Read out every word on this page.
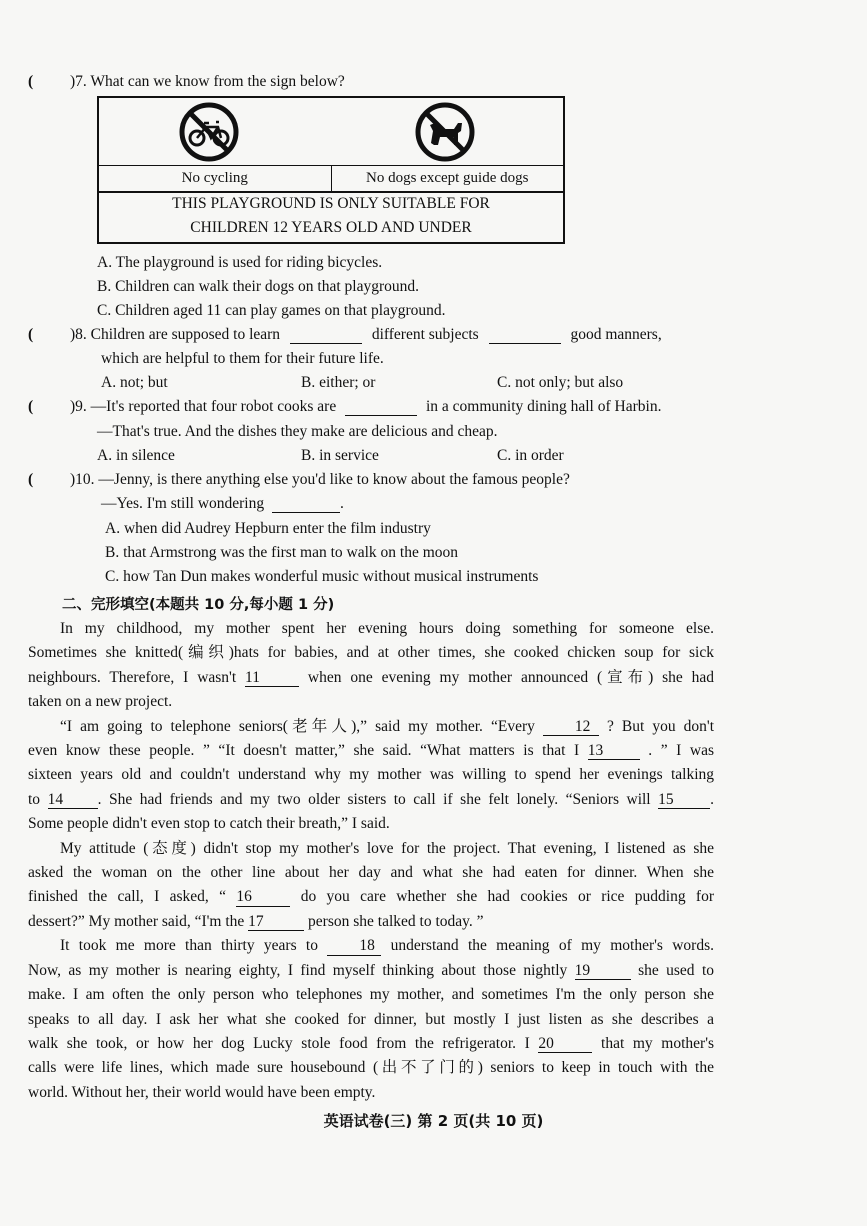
( )7. What can we know from the sign below?
No cycling	No dogs except guide dogs
THIS PLAYGROUND IS ONLY SUITABLE FOR
CHILDREN 12 YEARS OLD AND UNDER
A. The playground is used for riding bicycles.
B. Children can walk their dogs on that playground.
C. Children aged 11 can play games on that playground.
( )8. Children are supposed to learn	different subjects	good manners,
which are helpful to them for their future life.
A. not; but	B. either; or	C. not only; but also
( )9. —It's reported that four robot cooks are	in a community dining hall of Harbin.
—That's true. And the dishes they make are delicious and cheap.
A. in silence	B. in service	C. in order
( )10. —Jenny, is there anything else you'd like to know about the famous people?
—Yes. I'm still wondering	.
A. when did Audrey Hepburn enter the film industry
B. that Armstrong was the first man to walk on the moon
C. how Tan Dun makes wonderful music without musical instruments
二、完形填空(本题共 10 分,每小题 1 分)
In my childhood, my mother spent her evening hours doing something for someone else.
Sometimes she knitted(编织)hats for babies, and at other times, she cooked chicken soup for sick
neighbours. Therefore, I wasn't 11	when one evening my mother announced (宣布) she had
taken on a new project.
“I am going to telephone seniors(老年人),” said my mother. “Every	12 ? But you don't
even know these people. ” “It doesn't matter,” she said. “What matters is that I 13	. ” I was
sixteen years old and couldn't understand why my mother was willing to spend her evenings talking
to 14 . She had friends and my two older sisters to call if she felt lonely. “Seniors will 15 .
Some people didn't even stop to catch their breath,” I said.
My attitude (态度) didn't stop my mother's love for the project. That evening, I listened as she
asked the woman on the other line about her day and what she had eaten for dinner. When she
finished the call, I asked, “ 16	do you care whether she had cookies or rice pudding for
dessert?” My mother said, “I'm the 17	person she talked to today. ”
It took me more than thirty years to	18 understand the meaning of my mother's words.
Now, as my mother is nearing eighty, I find myself thinking about those nightly 19	she used to
make. I am often the only person who telephones my mother, and sometimes I'm the only person she
speaks to all day. I ask her what she cooked for dinner, but mostly I just listen as she describes a
walk she took, or how her dog Lucky stole food from the refrigerator. I 20	that my mother's
calls were life lines, which made sure housebound (出不了门的) seniors to keep in touch with the
world. Without her, their world would have been empty.
英语试卷(三) 第 2 页(共 10 页)
